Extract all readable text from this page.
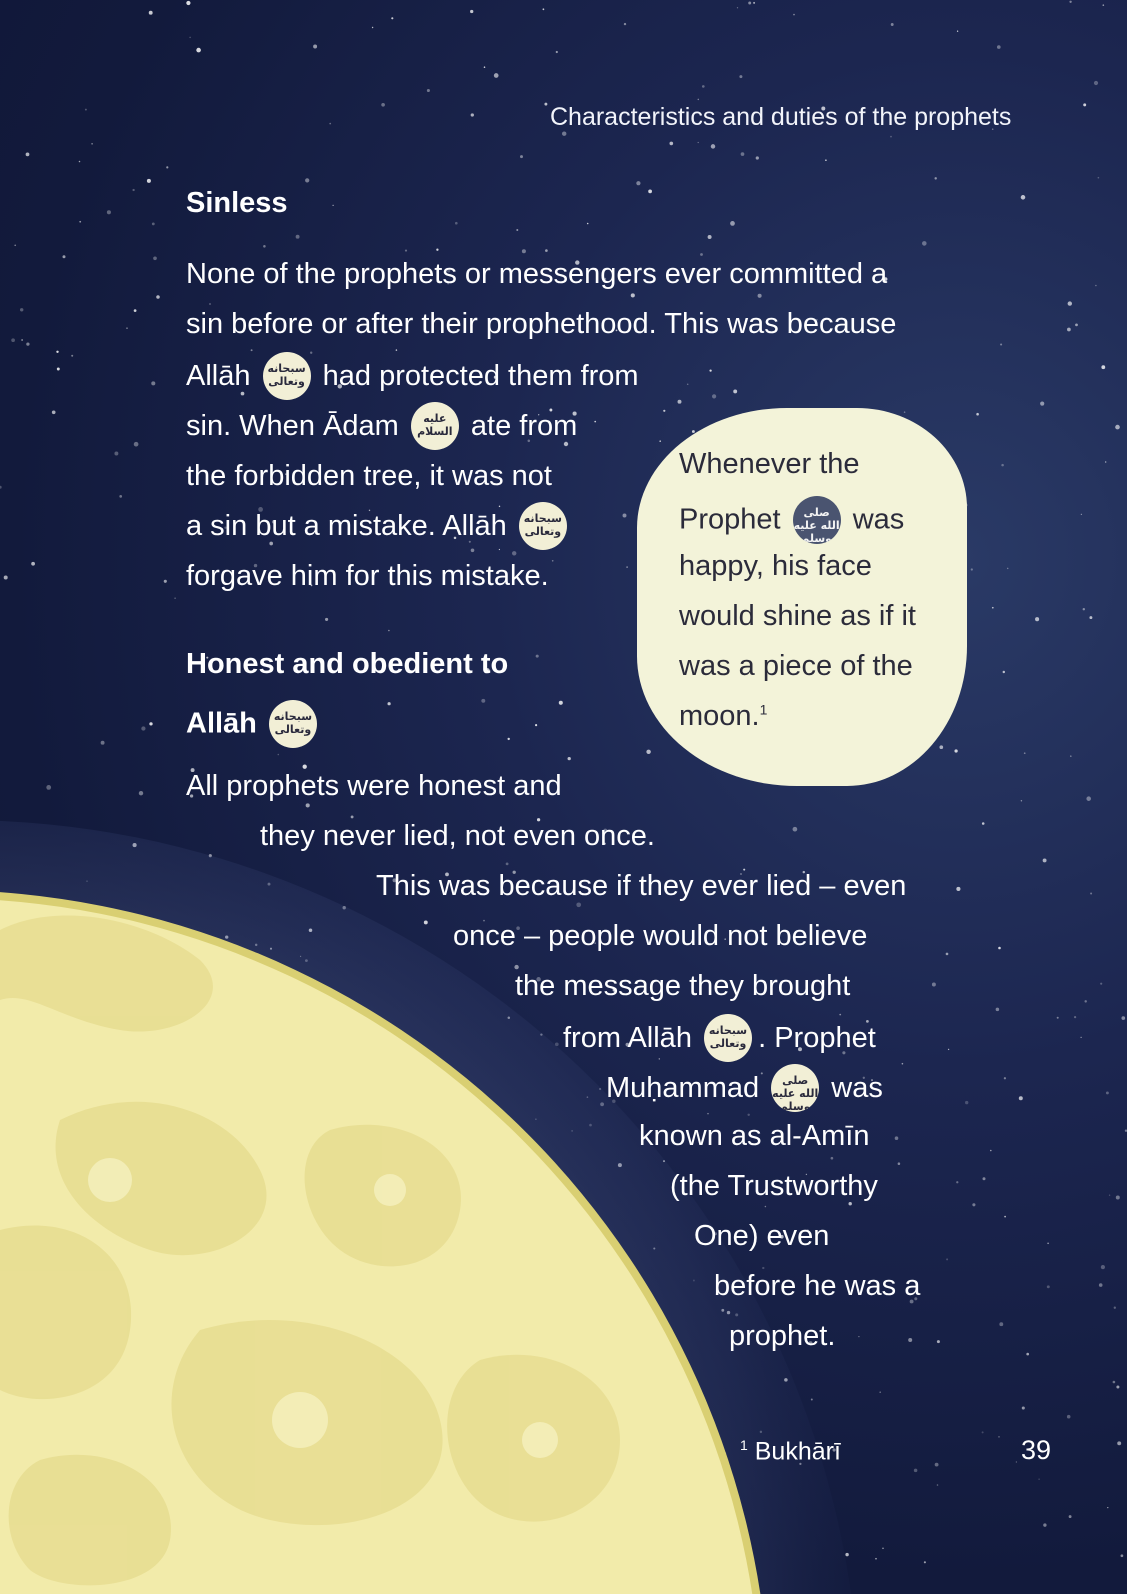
Characteristics and duties of the prophets
Sinless
None of the prophets or messengers ever committed a
sin before or after their prophethood. This was because
Allāh سبحانه وتعالى had protected them from
sin. When Ādam عليه السلام ate from
the forbidden tree, it was not
a sin but a mistake. Allāh سبحانه وتعالى
forgave him for this mistake.
Honest and obedient to
Allāh سبحانه وتعالى
All prophets were honest and
they never lied, not even once.
This was because if they ever lied – even
once – people would not believe
the message they brought
from Allāh سبحانه وتعالى . Prophet
Muḥammad صلى الله عليه وسلم was
known as al-Amīn
(the Trustworthy
One) even
before he was a
prophet.
Whenever the
Prophet صلى الله عليه وسلم was
happy, his face
would shine as if it
was a piece of the
moon.$^1$
$^1$ Bukhārī	39
